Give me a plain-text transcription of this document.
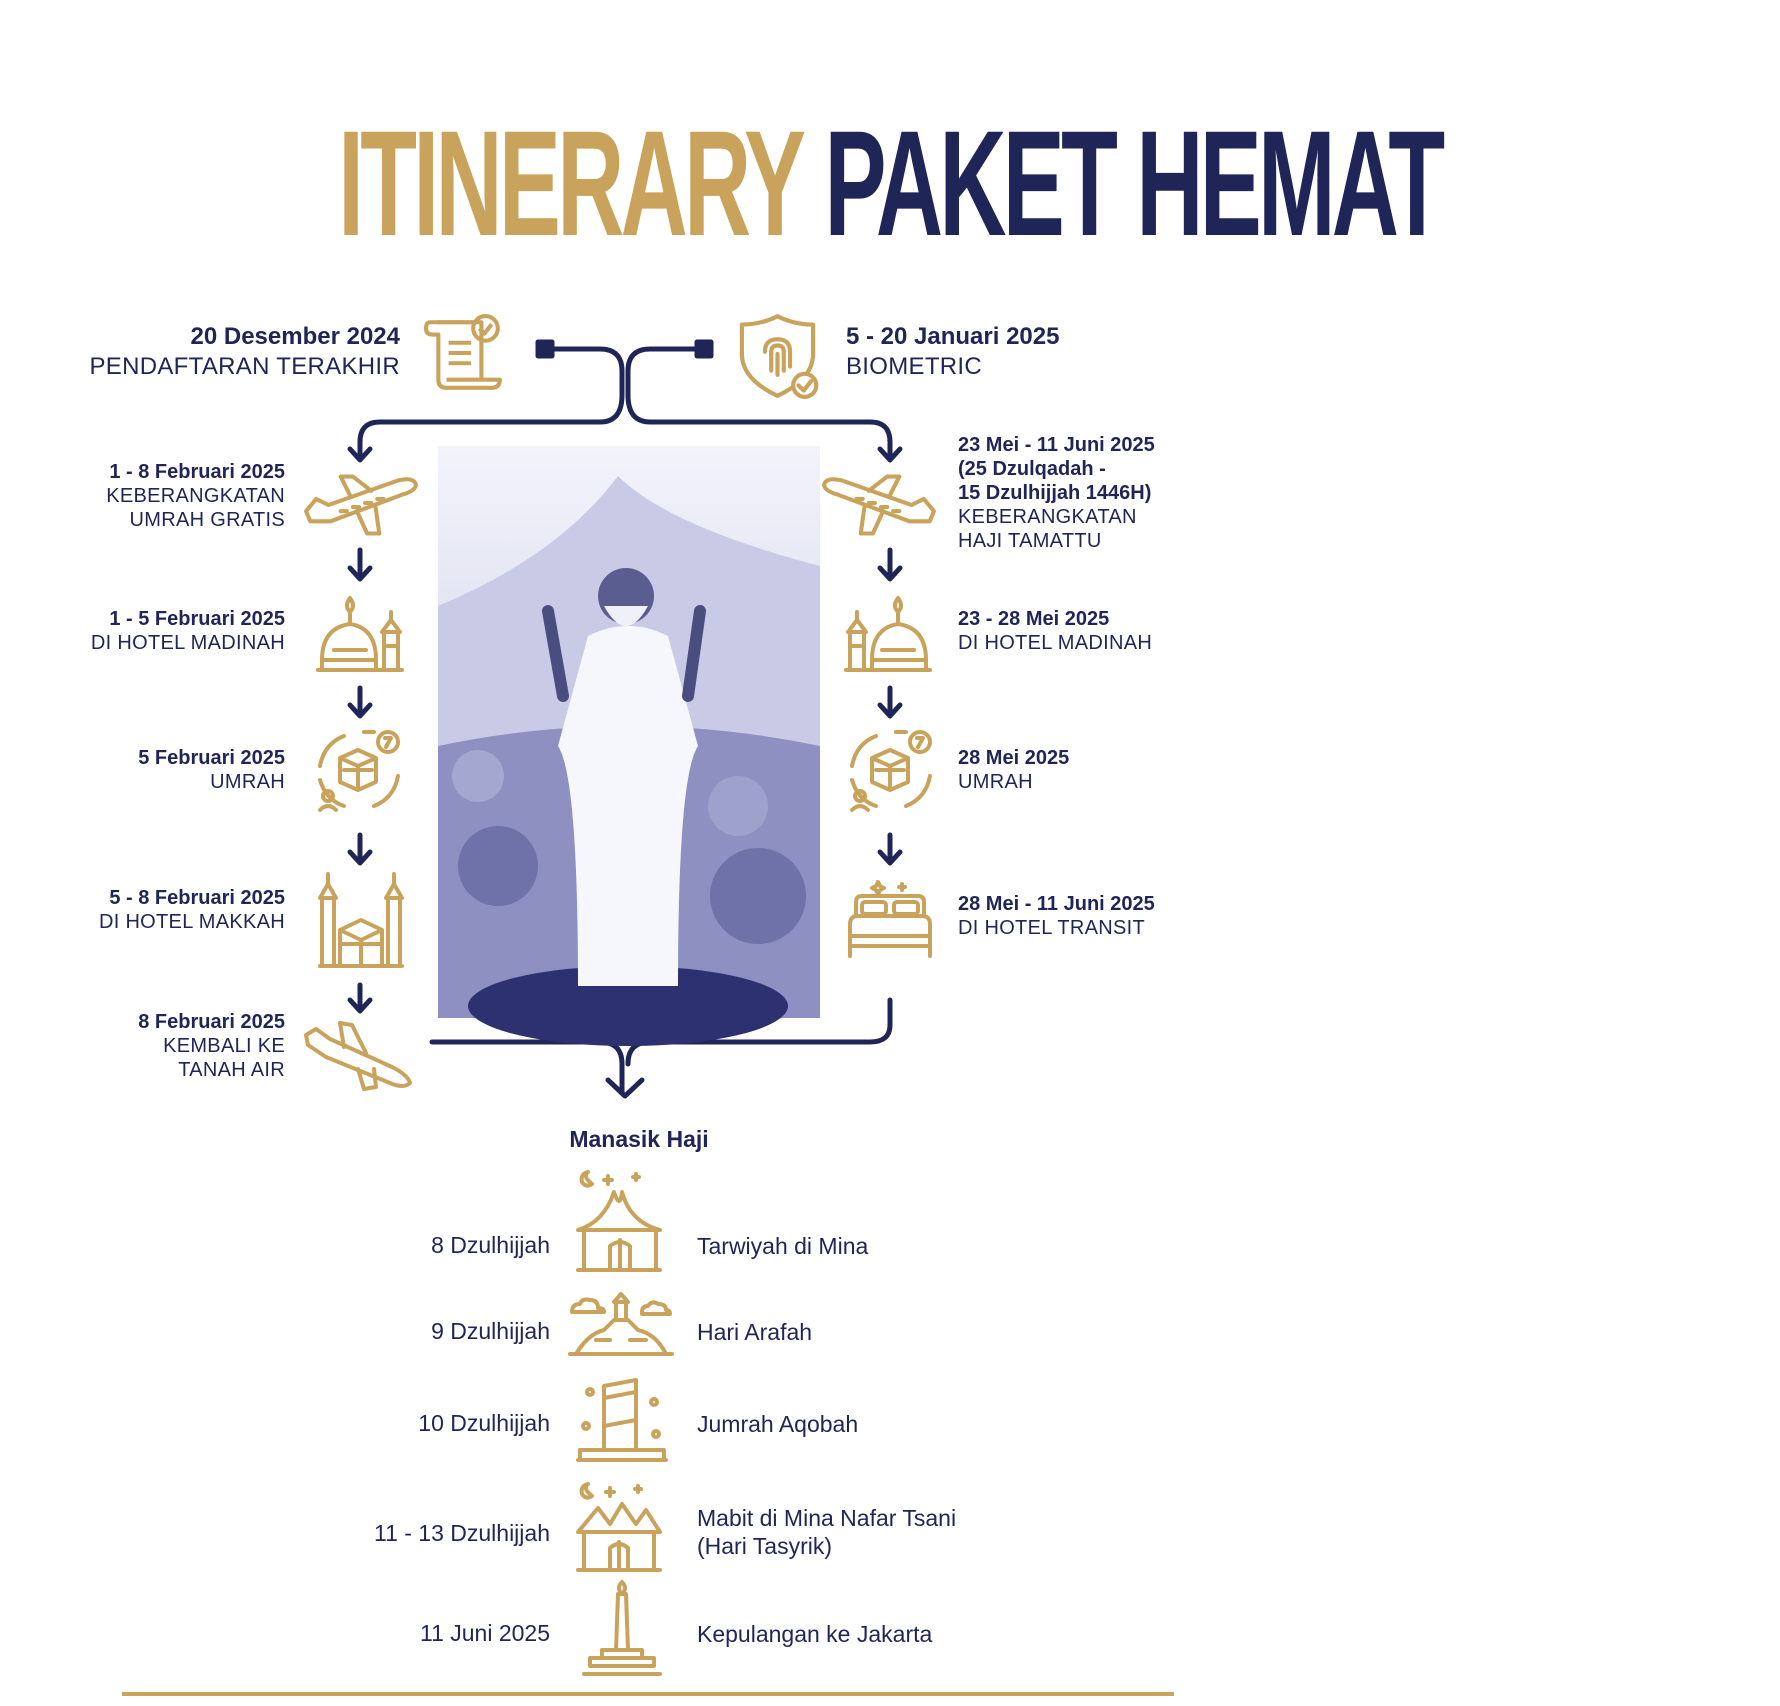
ITINERARY PAKET HEMAT
20 Desember 2024
PENDAFTARAN TERAKHIR
5 - 20 Januari 2025
BIOMETRIC
1 - 8 Februari 2025
KEBERANGKATAN
UMRAH GRATIS
1 - 5 Februari 2025
DI HOTEL MADINAH
5 Februari 2025
UMRAH
5 - 8 Februari 2025
DI HOTEL MAKKAH
8 Februari 2025
KEMBALI KE
TANAH AIR
23 Mei - 11 Juni 2025
(25 Dzulqadah -
15 Dzulhijjah 1446H)
KEBERANGKATAN
HAJI TAMATTU
23 - 28 Mei 2025
DI HOTEL MADINAH
28 Mei 2025
UMRAH
28 Mei - 11 Juni 2025
DI HOTEL TRANSIT
Manasik Haji
8 Dzulhijjah	Tarwiyah di Mina
9 Dzulhijjah	Hari Arafah
10 Dzulhijjah	Jumrah Aqobah
11 - 13 Dzulhijjah
Mabit di Mina Nafar Tsani
(Hari Tasyrik)
11 Juni 2025	Kepulangan ke Jakarta
